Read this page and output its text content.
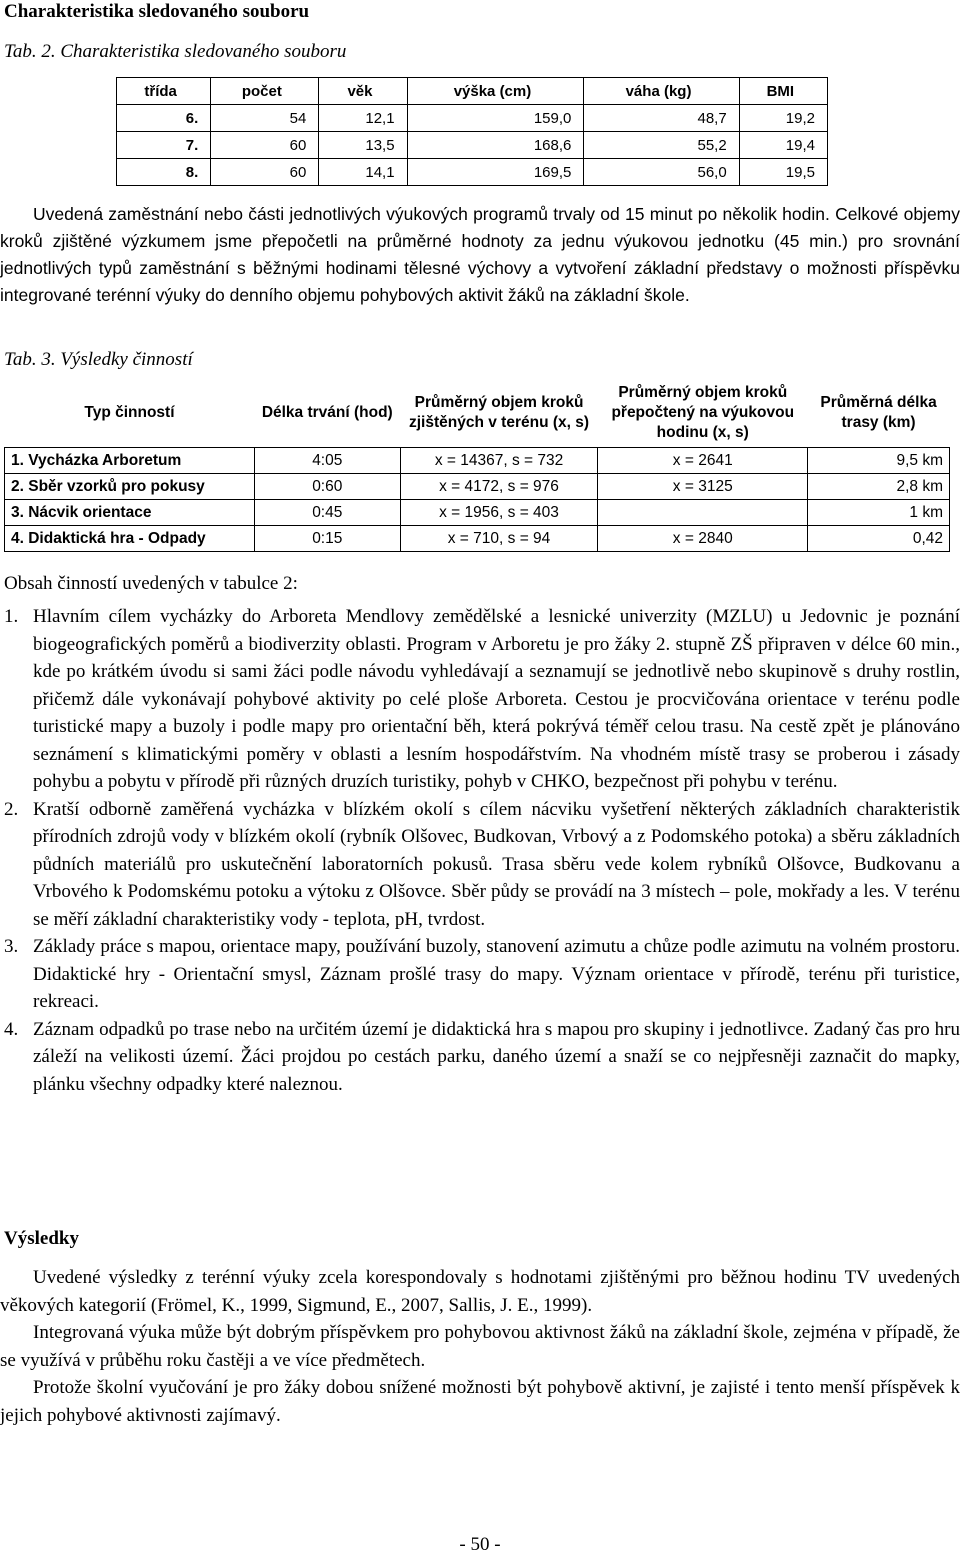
Charakteristika sledovaného souboru
Tab. 2. Charakteristika sledovaného souboru
třída	počet	věk	výška (cm)	váha (kg)	BMI
6.	54	12,1	159,0	48,7	19,2
7.	60	13,5	168,6	55,2	19,4
8.	60	14,1	169,5	56,0	19,5

Uvedená zaměstnání nebo části jednotlivých výukových programů trvaly od 15 minut po několik hodin. Celkové objemy kroků zjištěné výzkumem jsme přepočetli na průměrné hodnoty za jednu výukovou jednotku (45 min.) pro srovnání jednotlivých typů zaměstnání s běžnými hodinami tělesné výchovy a vytvoření základní představy o možnosti příspěvku integrované terénní výuky do denního objemu pohybových aktivit žáků na základní škole.

Tab. 3. Výsledky činností
Typ činností	Délka trvání (hod)	Průměrný objem kroků zjištěných v terénu (x, s)	Průměrný objem kroků přepočtený na výukovou hodinu (x, s)	Průměrná délka trasy (km)
1. Vycházka Arboretum	4:05	x = 14367, s = 732	x = 2641	9,5 km
2. Sběr vzorků pro pokusy	0:60	x = 4172, s = 976	x = 3125	2,8 km
3. Nácvik orientace	0:45	x = 1956, s = 403		1 km
4. Didaktická hra - Odpady	0:15	x = 710, s = 94	x = 2840	0,42

Obsah činností uvedených v tabulce 2:

1. Hlavním cílem vycházky do Arboreta Mendlovy zemědělské a lesnické univerzity (MZLU) u Jedovnic je poznání biogeografických poměrů a biodiverzity oblasti. Program v Arboretu je pro žáky 2. stupně ZŠ připraven v délce 60 min., kde po krátkém úvodu si sami žáci podle návodu vyhledávají a seznamují se jednotlivě nebo skupinově s druhy rostlin, přičemž dále vykonávají pohybové aktivity po celé ploše Arboreta. Cestou je procvičována orientace v terénu podle turistické mapy a buzoly i podle mapy pro orientační běh, která pokrývá téměř celou trasu. Na cestě zpět je plánováno seznámení s klimatickými poměry v oblasti a lesním hospodářstvím. Na vhodném místě trasy se proberou i zásady pohybu a pobytu v přírodě při různých druzích turistiky, pohyb v CHKO, bezpečnost při pohybu v terénu.
2. Kratší odborně zaměřená vycházka v blízkém okolí s cílem nácviku vyšetření některých základních charakteristik přírodních zdrojů vody v blízkém okolí (rybník Olšovec, Budkovan, Vrbový a z Podomského potoka) a sběru základních půdních materiálů pro uskutečnění laboratorních pokusů. Trasa sběru vede kolem rybníků Olšovce, Budkovanu a Vrbového k Podomskému potoku a výtoku z Olšovce. Sběr půdy se provádí na 3 místech – pole, mokřady a les. V terénu se měří základní charakteristiky vody - teplota, pH, tvrdost.
3. Základy práce s mapou, orientace mapy, používání buzoly, stanovení azimutu a chůze podle azimutu na volném prostoru. Didaktické hry - Orientační smysl, Záznam prošlé trasy do mapy. Význam orientace v přírodě, terénu při turistice, rekreaci.
4. Záznam odpadků po trase nebo na určitém území je didaktická hra s mapou pro skupiny i jednotlivce. Zadaný čas pro hru záleží na velikosti území. Žáci projdou po cestách parku, daného území a snaží se co nejpřesněji zaznačit do mapky, plánku všechny odpadky které naleznou.
Výsledky

Uvedené výsledky z terénní výuky zcela korespondovaly s hodnotami zjištěnými pro běžnou hodinu TV uvedených věkových kategorií (Frömel, K., 1999, Sigmund, E., 2007, Sallis, J. E., 1999).

Integrovaná výuka může být dobrým příspěvkem pro pohybovou aktivnost žáků na základní škole, zejména v případě, že se využívá v průběhu roku častěji a ve více předmětech.

Protože školní vyučování je pro žáky dobou snížené možnosti být pohybově aktivní, je zajisté i tento menší příspěvek k jejich pohybové aktivnosti zajímavý.

- 50 -
